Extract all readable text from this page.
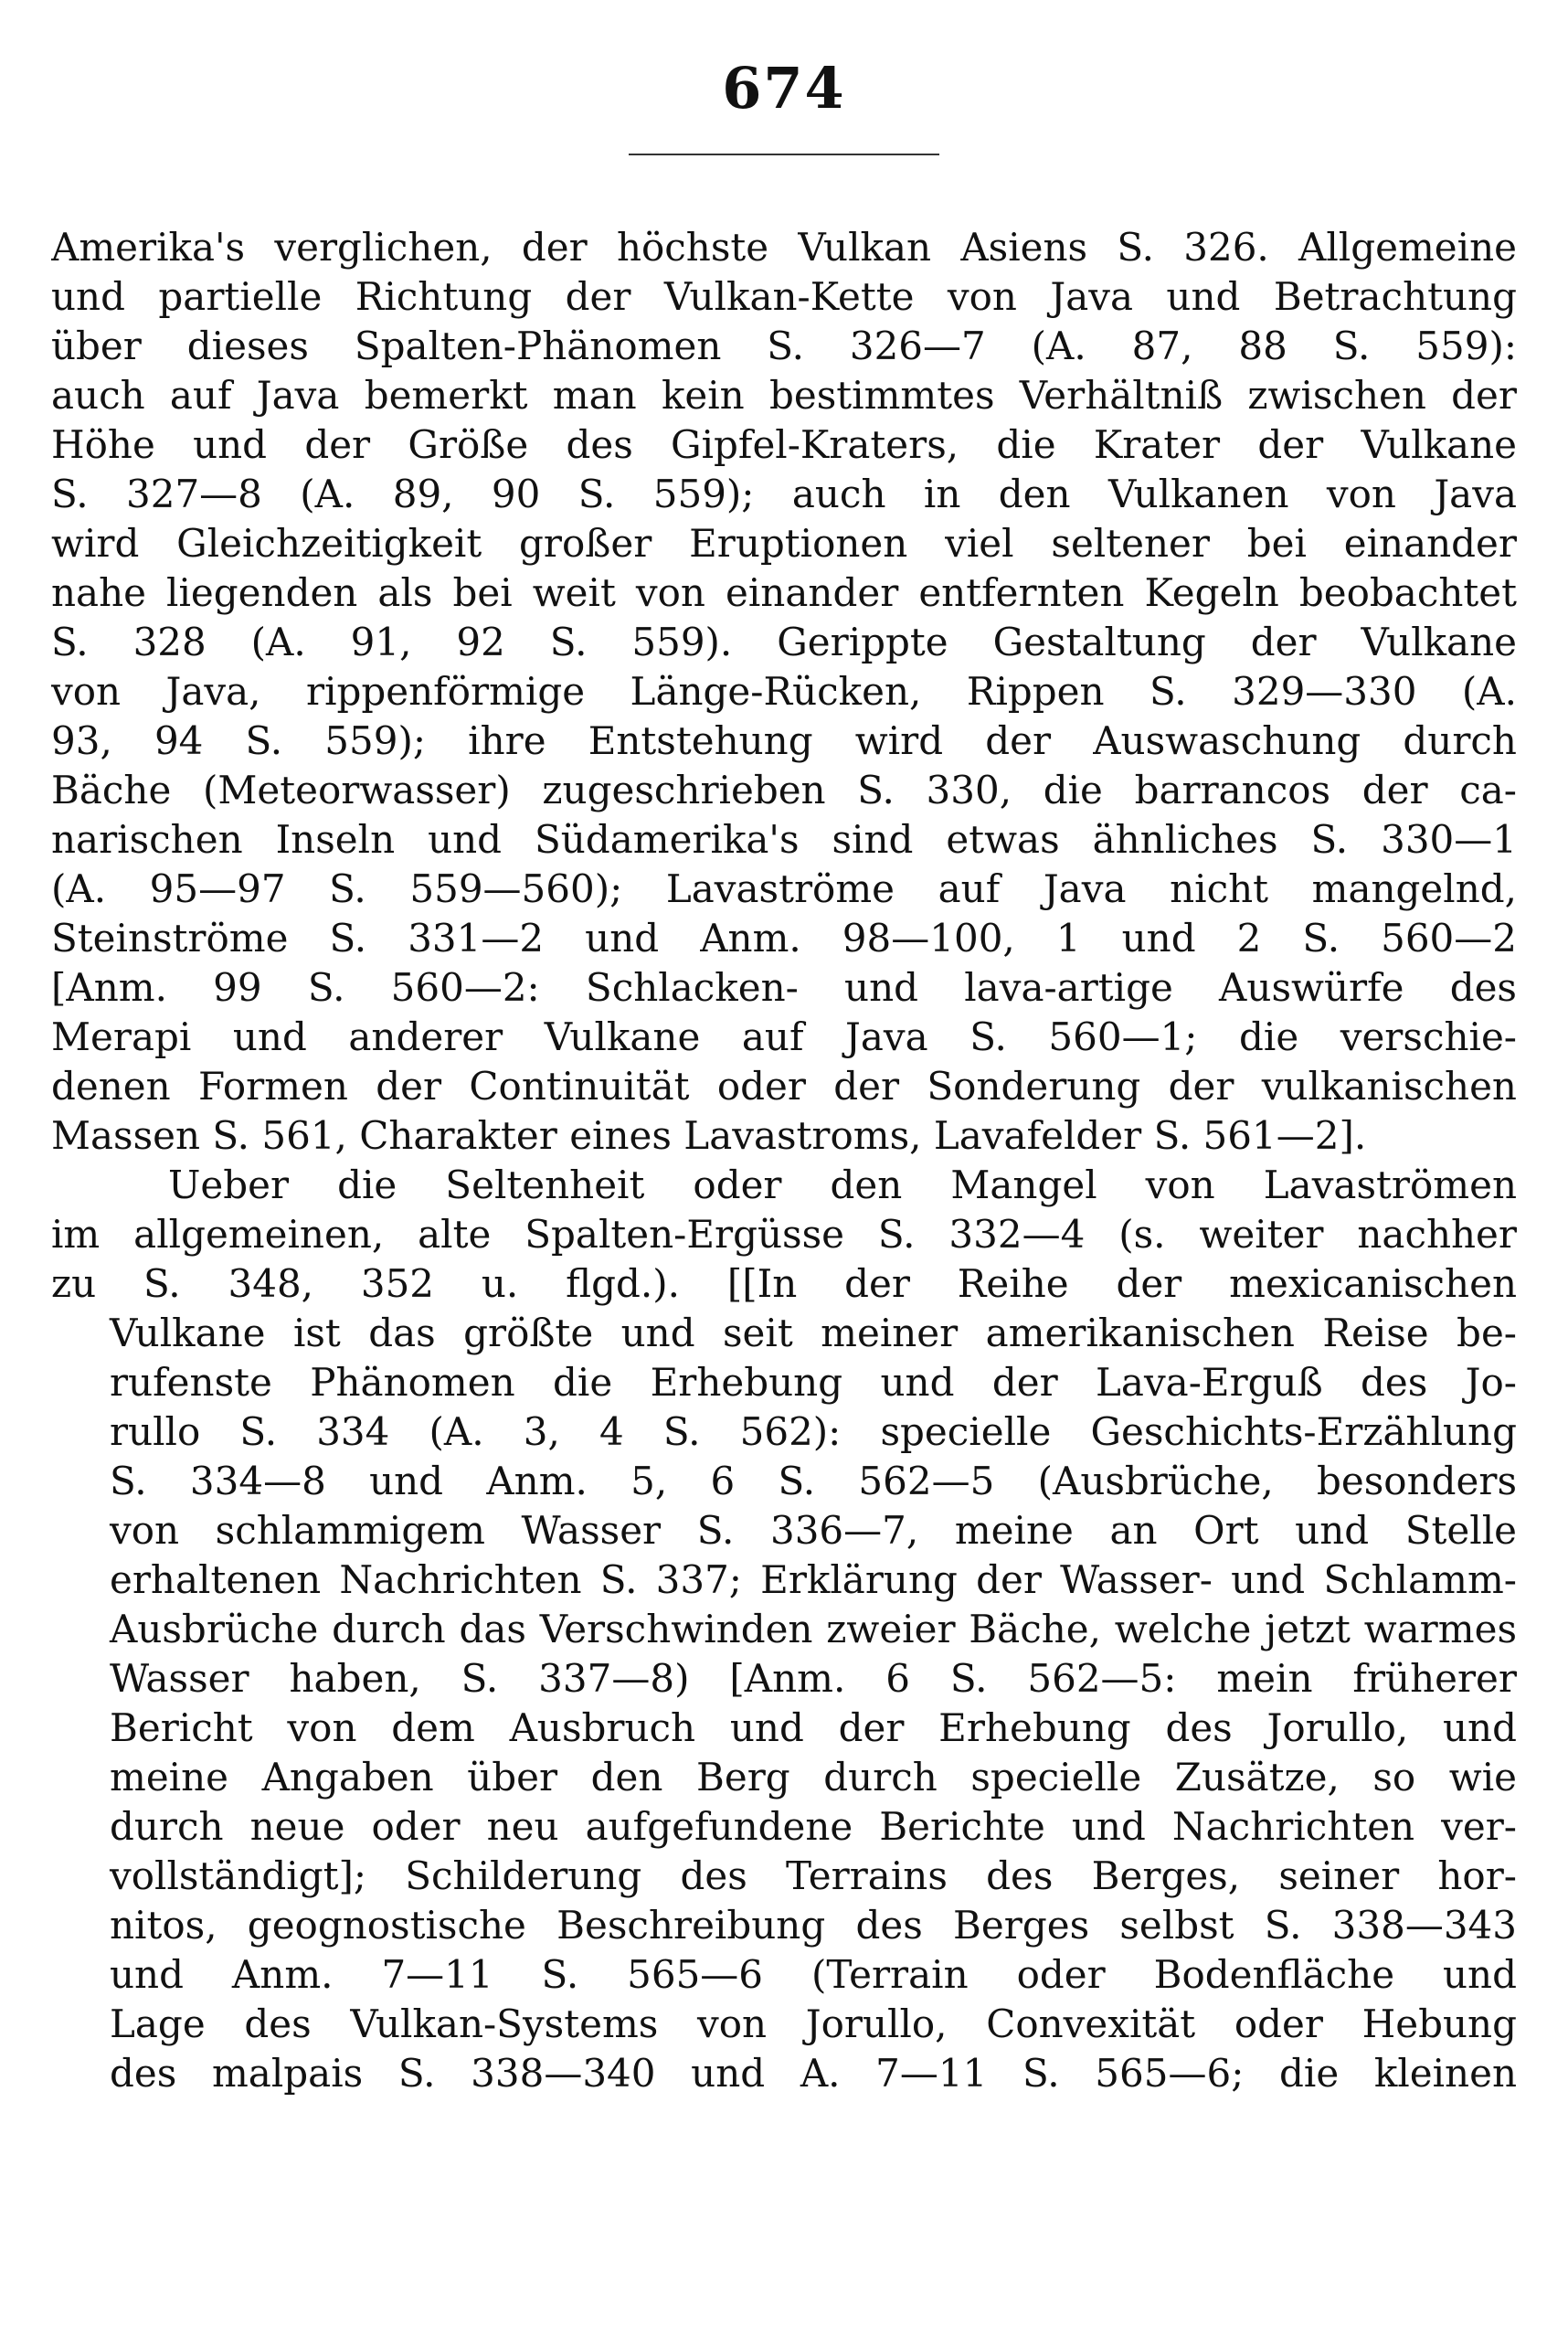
674
Amerika's verglichen, der höchste Vulkan Asiens S. 326. Allgemeine
und partielle Richtung der Vulkan-Kette von Java und Betrachtung
über dieses Spalten-Phänomen S. 326—7 (A. 87, 88 S. 559):
auch auf Java bemerkt man kein bestimmtes Verhältniß zwischen der
Höhe und der Größe des Gipfel-Kraters, die Krater der Vulkane
S. 327—8 (A. 89, 90 S. 559); auch in den Vulkanen von Java
wird Gleichzeitigkeit großer Eruptionen viel seltener bei einander
nahe liegenden als bei weit von einander entfernten Kegeln beobachtet
S. 328 (A. 91, 92 S. 559). Gerippte Gestaltung der Vulkane
von Java, rippenförmige Länge-Rücken, Rippen S. 329—330 (A.
93, 94 S. 559); ihre Entstehung wird der Auswaschung durch
Bäche (Meteorwasser) zugeschrieben S. 330, die barrancos der ca-
narischen Inseln und Südamerika's sind etwas ähnliches S. 330—1
(A. 95—97 S. 559—560); Lavaströme auf Java nicht mangelnd,
Steinströme S. 331—2 und Anm. 98—100, 1 und 2 S. 560—2
[Anm. 99 S. 560—2: Schlacken- und lava-artige Auswürfe des
Merapi und anderer Vulkane auf Java S. 560—1; die verschie-
denen Formen der Continuität oder der Sonderung der vulkanischen
Massen S. 561, Charakter eines Lavastroms, Lavafelder S. 561—2].
Ueber die Seltenheit oder den Mangel von Lavaströmen
im allgemeinen, alte Spalten-Ergüsse S. 332—4 (s. weiter nachher
zu S. 348, 352 u. flgd.). [[In der Reihe der mexicanischen
Vulkane ist das größte und seit meiner amerikanischen Reise be-
rufenste Phänomen die Erhebung und der Lava-Erguß des Jo-
rullo S. 334 (A. 3, 4 S. 562): specielle Geschichts-Erzählung
S. 334—8 und Anm. 5, 6 S. 562—5 (Ausbrüche, besonders
von schlammigem Wasser S. 336—7, meine an Ort und Stelle
erhaltenen Nachrichten S. 337; Erklärung der Wasser- und Schlamm-
Ausbrüche durch das Verschwinden zweier Bäche, welche jetzt warmes
Wasser haben, S. 337—8) [Anm. 6 S. 562—5: mein früherer
Bericht von dem Ausbruch und der Erhebung des Jorullo, und
meine Angaben über den Berg durch specielle Zusätze, so wie
durch neue oder neu aufgefundene Berichte und Nachrichten ver-
vollständigt]; Schilderung des Terrains des Berges, seiner hor-
nitos, geognostische Beschreibung des Berges selbst S. 338—343
und Anm. 7—11 S. 565—6 (Terrain oder Bodenfläche und
Lage des Vulkan-Systems von Jorullo, Convexität oder Hebung
des malpais S. 338—340 und A. 7—11 S. 565—6; die kleinen
